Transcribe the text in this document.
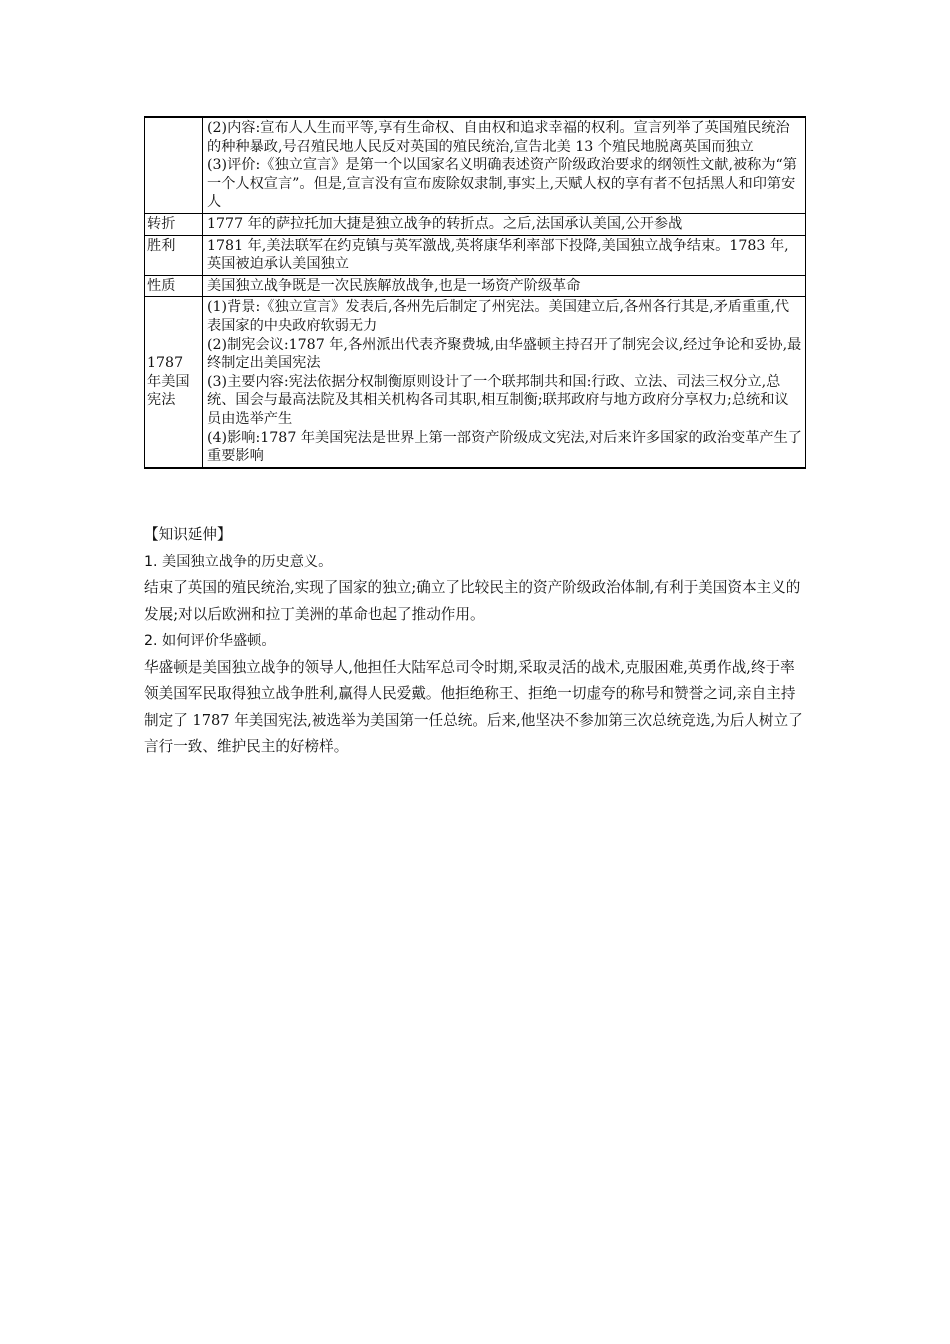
	(2)内容:宣布人人生而平等,享有生命权、自由权和追求幸福的权利。宣言列举了英国殖民统治的种种暴政,号召殖民地人民反对英国的殖民统治,宣告北美 13 个殖民地脱离英国而独立
(3)评价:《独立宣言》是第一个以国家名义明确表述资产阶级政治要求的纲领性文献,被称为“第一个人权宣言”。但是,宣言没有宣布废除奴隶制,事实上,天赋人权的享有者不包括黑人和印第安人

转折	1777 年的萨拉托加大捷是独立战争的转折点。之后,法国承认美国,公开参战

胜利	1781 年,美法联军在约克镇与英军激战,英将康华利率部下投降,美国独立战争结束。1783 年,英国被迫承认美国独立

性质	美国独立战争既是一次民族解放战争,也是一场资产阶级革命

1787 年美国宪法	(1)背景:《独立宣言》发表后,各州先后制定了州宪法。美国建立后,各州各行其是,矛盾重重,代表国家的中央政府软弱无力
(2)制宪会议:1787 年,各州派出代表齐聚费城,由华盛顿主持召开了制宪会议,经过争论和妥协,最终制定出美国宪法
(3)主要内容:宪法依据分权制衡原则设计了一个联邦制共和国:行政、立法、司法三权分立,总统、国会与最高法院及其相关机构各司其职,相互制衡;联邦政府与地方政府分享权力;总统和议员由选举产生
(4)影响:1787 年美国宪法是世界上第一部资产阶级成文宪法,对后来许多国家的政治变革产生了重要影响

【知识延伸】

1. 美国独立战争的历史意义。

结束了英国的殖民统治,实现了国家的独立;确立了比较民主的资产阶级政治体制,有利于美国资本主义的发展;对以后欧洲和拉丁美洲的革命也起了推动作用。

2. 如何评价华盛顿。

华盛顿是美国独立战争的领导人,他担任大陆军总司令时期,采取灵活的战术,克服困难,英勇作战,终于率领美国军民取得独立战争胜利,赢得人民爱戴。他拒绝称王、拒绝一切虚夸的称号和赞誉之词,亲自主持制定了 1787 年美国宪法,被选举为美国第一任总统。后来,他坚决不参加第三次总统竞选,为后人树立了言行一致、维护民主的好榜样。
